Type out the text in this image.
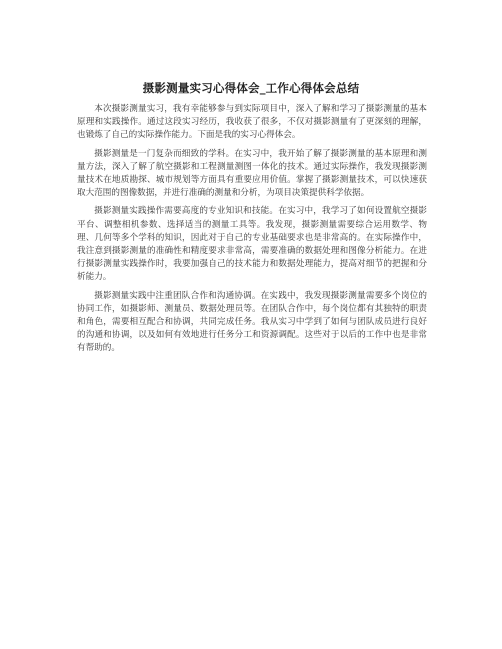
摄影测量实习心得体会_工作心得体会总结

本次摄影测量实习，我有幸能够参与到实际项目中，深入了解和学习了摄影测量的基本原理和实践操作。通过这段实习经历，我收获了很多，不仅对摄影测量有了更深刻的理解，也锻炼了自己的实际操作能力。下面是我的实习心得体会。

摄影测量是一门复杂而细致的学科。在实习中，我开始了解了摄影测量的基本原理和测量方法，深入了解了航空摄影和工程测量测图一体化的技术。通过实际操作，我发现摄影测量技术在地质勘探、城市规划等方面具有重要应用价值。掌握了摄影测量技术，可以快速获取大范围的图像数据，并进行准确的测量和分析，为项目决策提供科学依据。

摄影测量实践操作需要高度的专业知识和技能。在实习中，我学习了如何设置航空摄影平台、调整相机参数、选择适当的测量工具等。我发现，摄影测量需要综合运用数学、物理、几何等多个学科的知识，因此对于自己的专业基础要求也是非常高的。在实际操作中，我注意到摄影测量的准确性和精度要求非常高，需要准确的数据处理和图像分析能力。在进行摄影测量实践操作时，我要加强自己的技术能力和数据处理能力，提高对细节的把握和分析能力。

摄影测量实践中注重团队合作和沟通协调。在实践中，我发现摄影测量需要多个岗位的协同工作，如摄影师、测量员、数据处理员等。在团队合作中，每个岗位都有其独特的职责和角色，需要相互配合和协调，共同完成任务。我从实习中学到了如何与团队成员进行良好的沟通和协调，以及如何有效地进行任务分工和资源调配。这些对于以后的工作中也是非常有帮助的。
